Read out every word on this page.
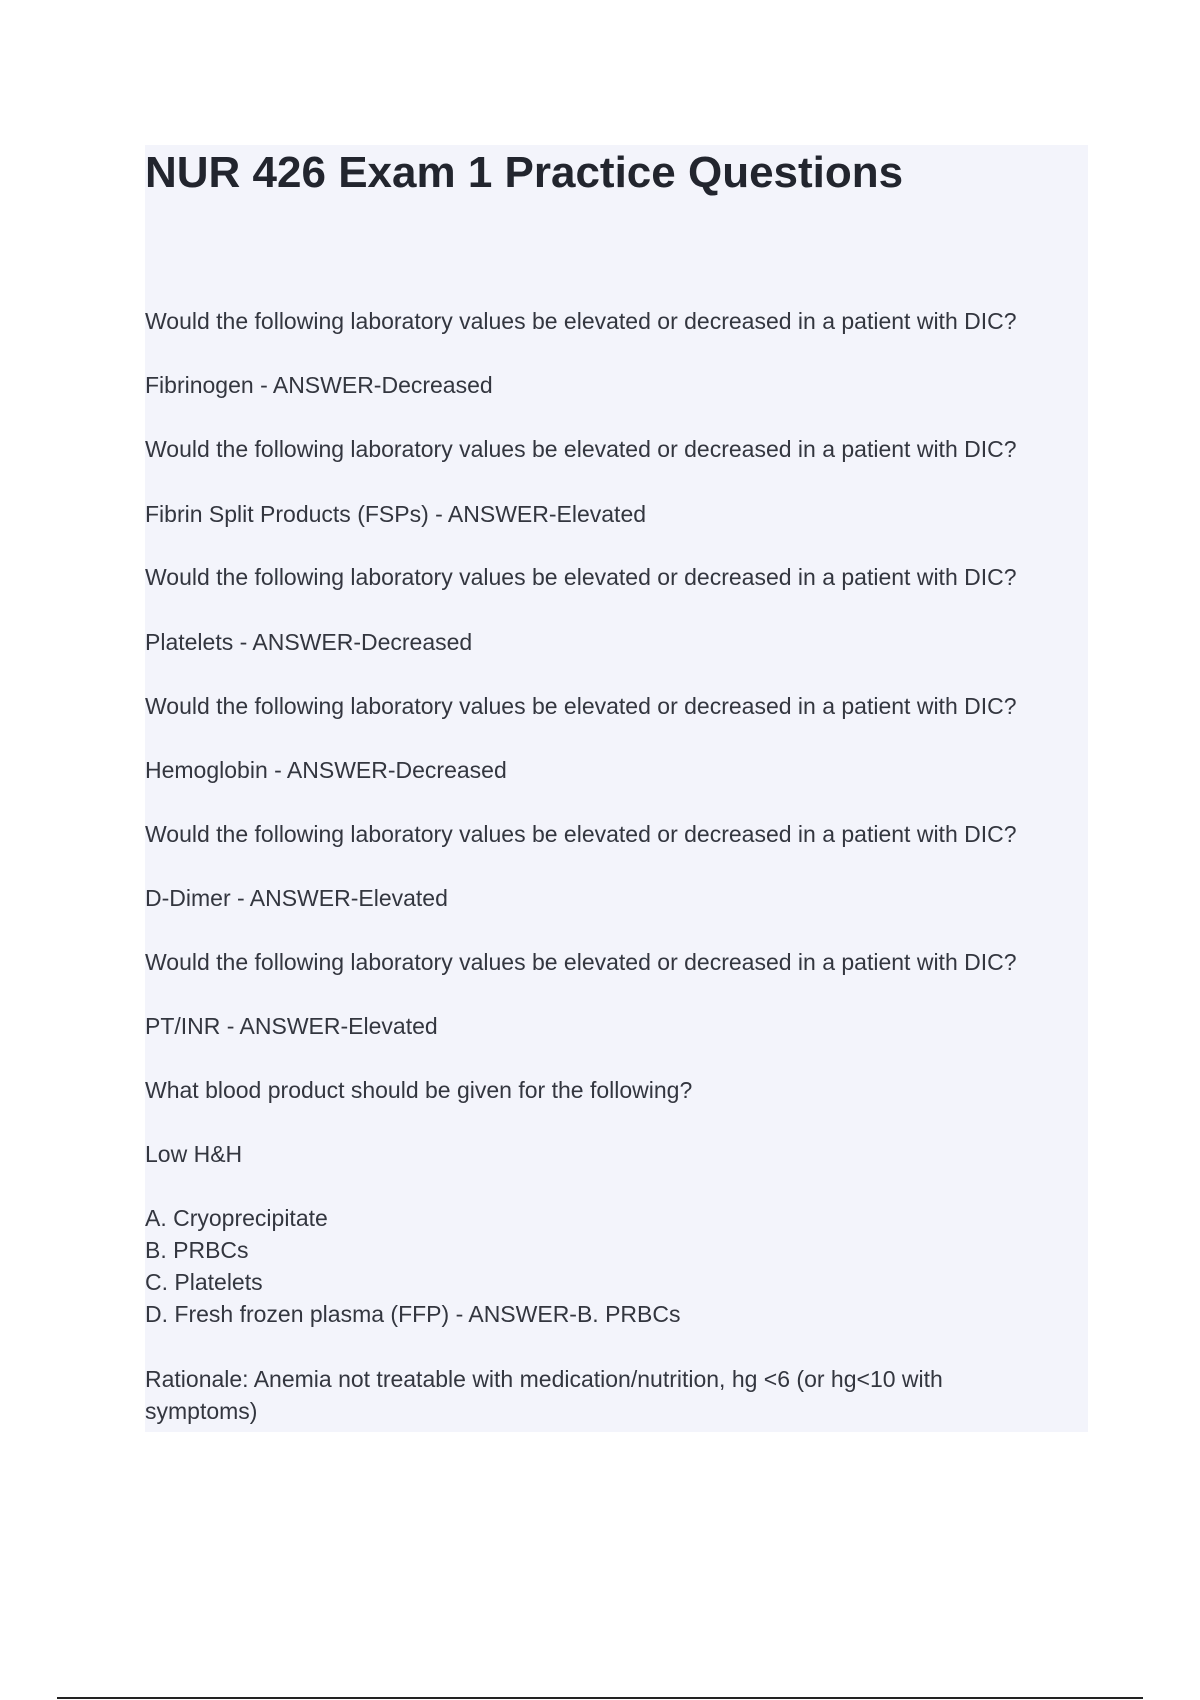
NUR 426 Exam 1 Practice Questions

Would the following laboratory values be elevated or decreased in a patient with DIC?

Fibrinogen - ANSWER-Decreased

Would the following laboratory values be elevated or decreased in a patient with DIC?

Fibrin Split Products (FSPs) - ANSWER-Elevated

Would the following laboratory values be elevated or decreased in a patient with DIC?

Platelets - ANSWER-Decreased

Would the following laboratory values be elevated or decreased in a patient with DIC?

Hemoglobin - ANSWER-Decreased

Would the following laboratory values be elevated or decreased in a patient with DIC?

D-Dimer - ANSWER-Elevated

Would the following laboratory values be elevated or decreased in a patient with DIC?

PT/INR - ANSWER-Elevated

What blood product should be given for the following?

Low H&H

A. Cryoprecipitate

B. PRBCs

C. Platelets

D. Fresh frozen plasma (FFP) - ANSWER-B. PRBCs

Rationale: Anemia not treatable with medication/nutrition, hg <6 (or hg<10 with

symptoms)
